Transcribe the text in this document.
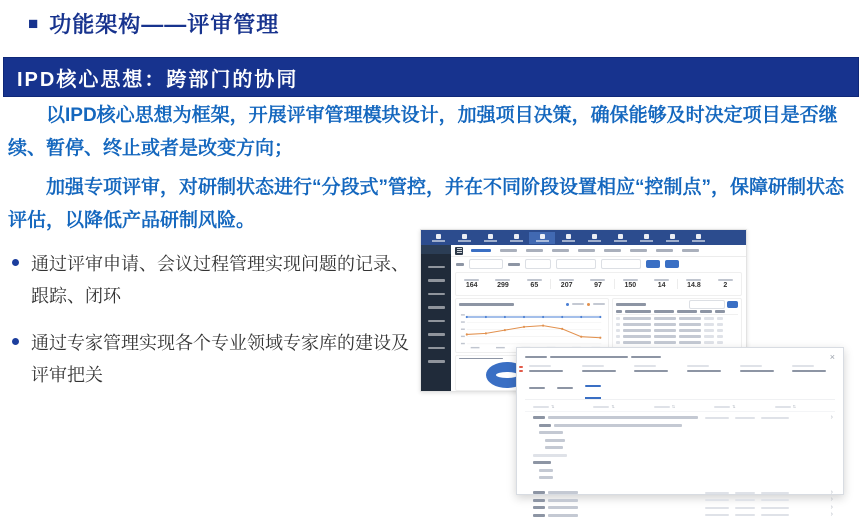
■ 功能架构——评审管理
IPD核心思想：跨部门的协同

以IPD核心思想为框架，开展评审管理模块设计，加强项目决策，确保能够及时决定项目是否继续、暂停、终止或者是改变方向；

加强专项评审，对研制状态进行“分段式”管控，并在不同阶段设置相应“控制点”，保障研制状态评估，以降低产品研制风险。

通过评审申请、会议过程管理实现问题的记录、跟踪、闭环
通过专家管理实现各个专业领域专家库的建设及评审把关
164	299	65	207	97	150	14	14.8	2
×
⇅	⇅	⇅	⇅	⇅
›
›
›
›
›
